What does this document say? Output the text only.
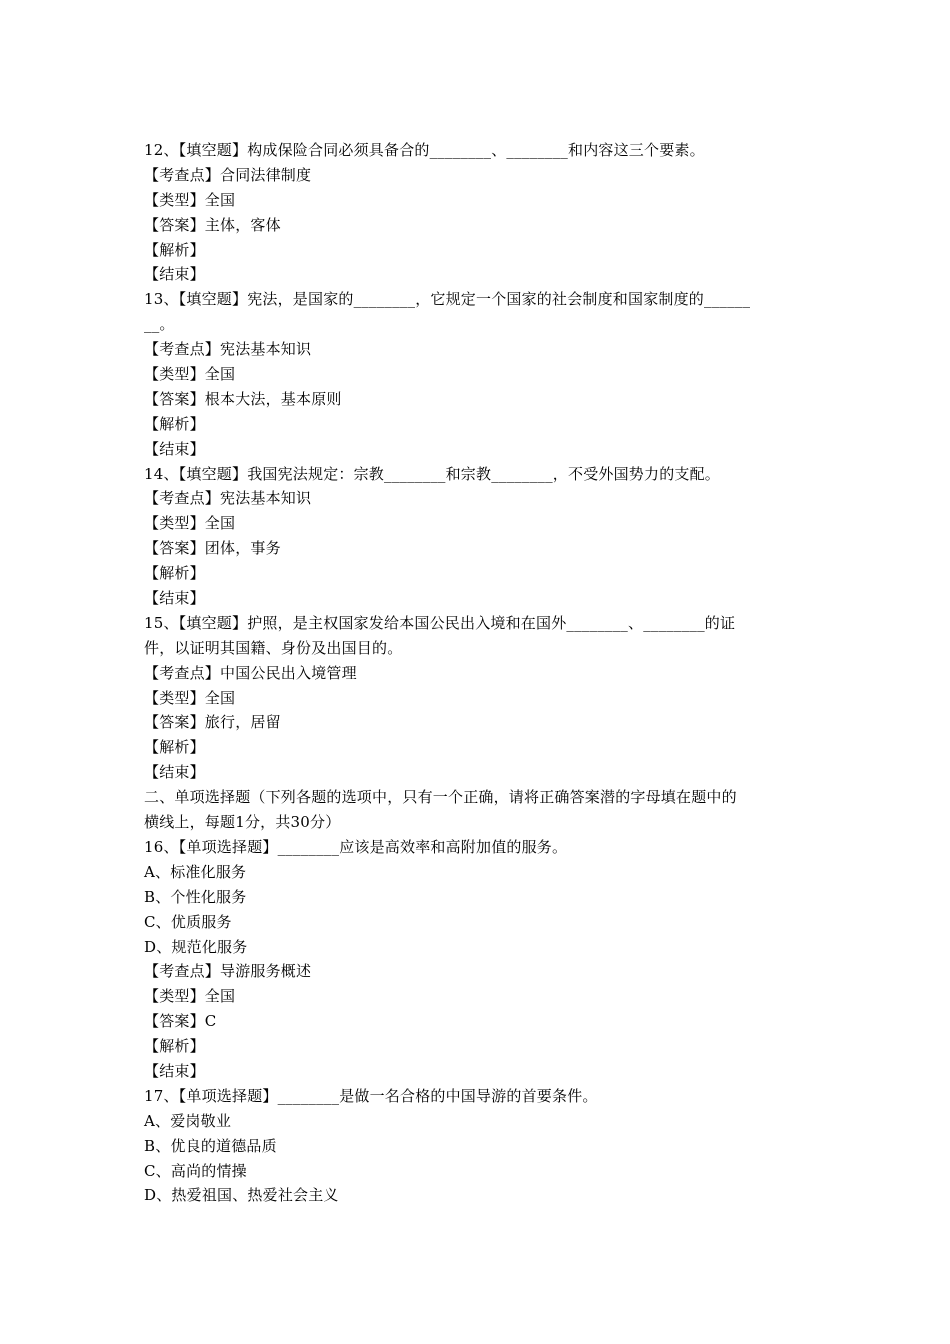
12、【填空题】构成保险合同必须具备合的________、________和内容这三个要素。
【考查点】合同法律制度
【类型】全国
【答案】主体，客体
【解析】
【结束】
13、【填空题】宪法，是国家的________，它规定一个国家的社会制度和国家制度的______
__。
【考查点】宪法基本知识
【类型】全国
【答案】根本大法，基本原则
【解析】
【结束】
14、【填空题】我国宪法规定：宗教________和宗教________，不受外国势力的支配。
【考查点】宪法基本知识
【类型】全国
【答案】团体，事务
【解析】
【结束】
15、【填空题】护照，是主权国家发给本国公民出入境和在国外________、________的证
件，以证明其国籍、身份及出国目的。
【考查点】中国公民出入境管理
【类型】全国
【答案】旅行，居留
【解析】
【结束】
二、单项选择题（下列各题的选项中，只有一个正确，请将正确答案潜的字母填在题中的
横线上，每题1分，共30分）
16、【单项选择题】________应该是高效率和高附加值的服务。
A、标准化服务
B、个性化服务
C、优质服务
D、规范化服务
【考查点】导游服务概述
【类型】全国
【答案】C
【解析】
【结束】
17、【单项选择题】________是做一名合格的中国导游的首要条件。
A、爱岗敬业
B、优良的道德品质
C、高尚的情操
D、热爱祖国、热爱社会主义
